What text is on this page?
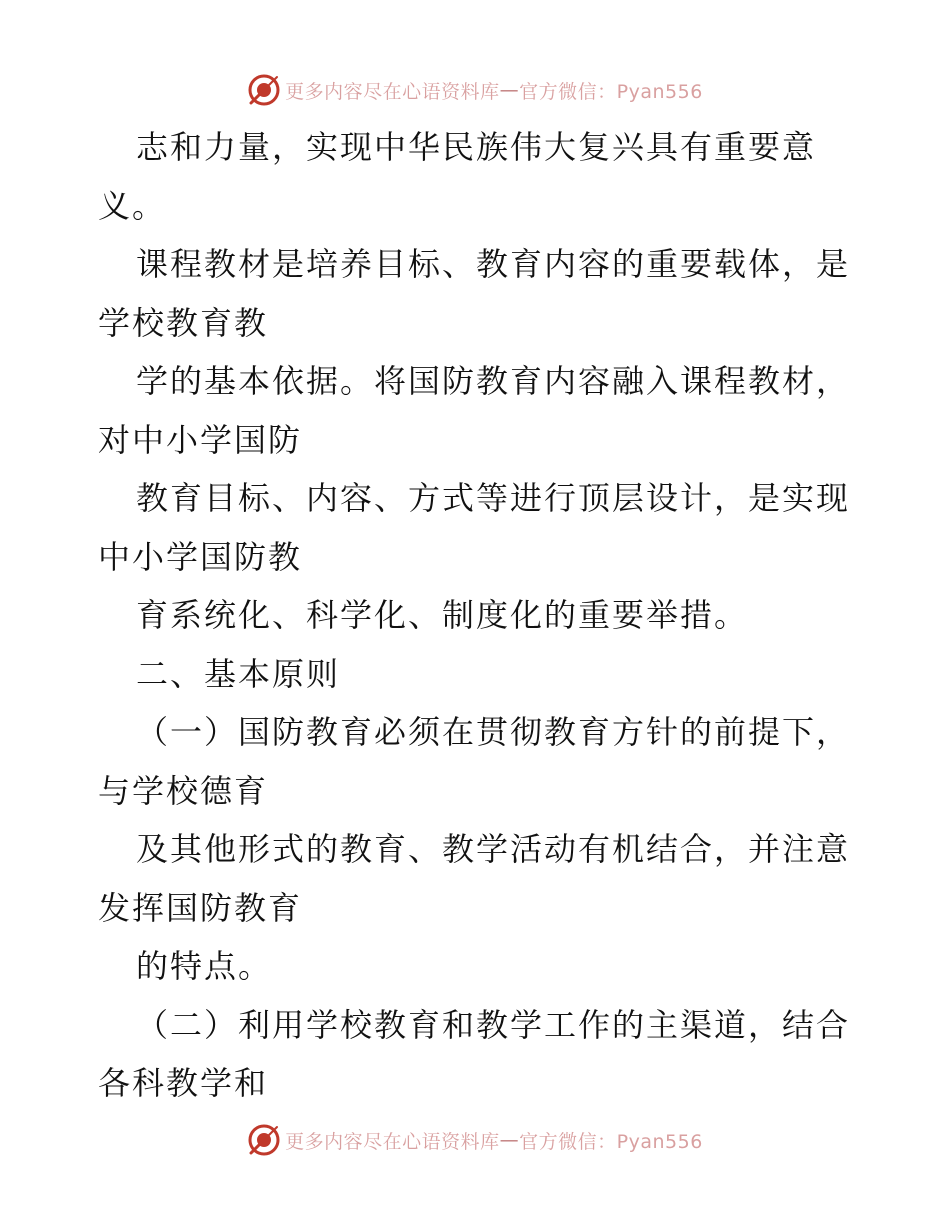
更多内容尽在心语资料库 — 官方微信：Pyan556
志和力量，实现中华民族伟大复兴具有重要意
义。
课程教材是培养目标、教育内容的重要载体，是
学校教育教
学的基本依据。将国防教育内容融入课程教材，
对中小学国防
教育目标、内容、方式等进行顶层设计，是实现
中小学国防教
育系统化、科学化、制度化的重要举措。
二、基本原则
（一）国防教育必须在贯彻教育方针的前提下，
与学校德育
及其他形式的教育、教学活动有机结合，并注意
发挥国防教育
的特点。
（二）利用学校教育和教学工作的主渠道，结合
各科教学和
更多内容尽在心语资料库 — 官方微信：Pyan556
